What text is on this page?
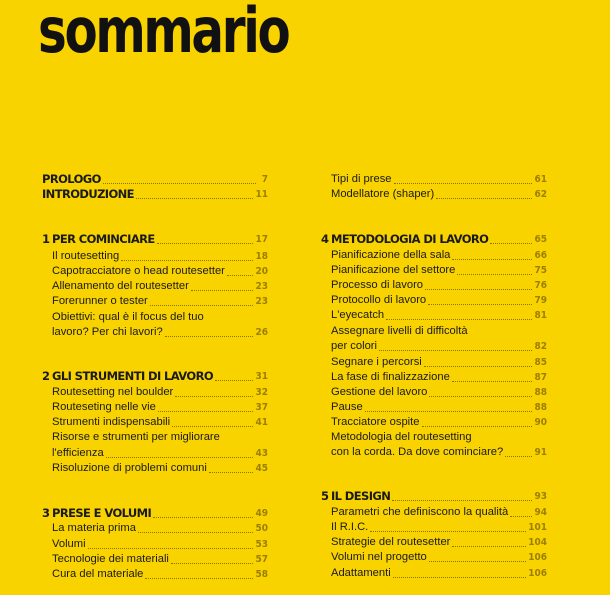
sommario
PROLOGO	7
INTRODUZIONE	11
1 PER COMINCIARE	17
Il routesetting	18
Capotracciatore o head routesetter	20
Allenamento del routesetter	23
Forerunner o tester	23
Obiettivi: qual è il focus del tuo
lavoro? Per chi lavori?	26
2 GLI STRUMENTI DI LAVORO	31
Routesetting nel boulder	32
Routeseting nelle vie	37
Strumenti indispensabili	41
Risorse e strumenti per migliorare
l'efficienza	43
Risoluzione di problemi comuni	45
3 PRESE E VOLUMI	49
La materia prima	50
Volumi	53
Tecnologie dei materiali	57
Cura del materiale	58
Tipi di prese	61
Modellatore (shaper)	62
4 METODOLOGIA DI LAVORO	65
Pianificazione della sala	66
Pianificazione del settore	75
Processo di lavoro	76
Protocollo di lavoro	79
L'eyecatch	81
Assegnare livelli di difficoltà
per colori	82
Segnare i percorsi	85
La fase di finalizzazione	87
Gestione del lavoro	88
Pause	88
Tracciatore ospite	90
Metodologia del routesetting
con la corda. Da dove cominciare?	91
5 IL DESIGN	93
Parametri che definiscono la qualità	94
Il R.I.C.	101
Strategie del routesetter	104
Volumi nel progetto	106
Adattamenti	106
